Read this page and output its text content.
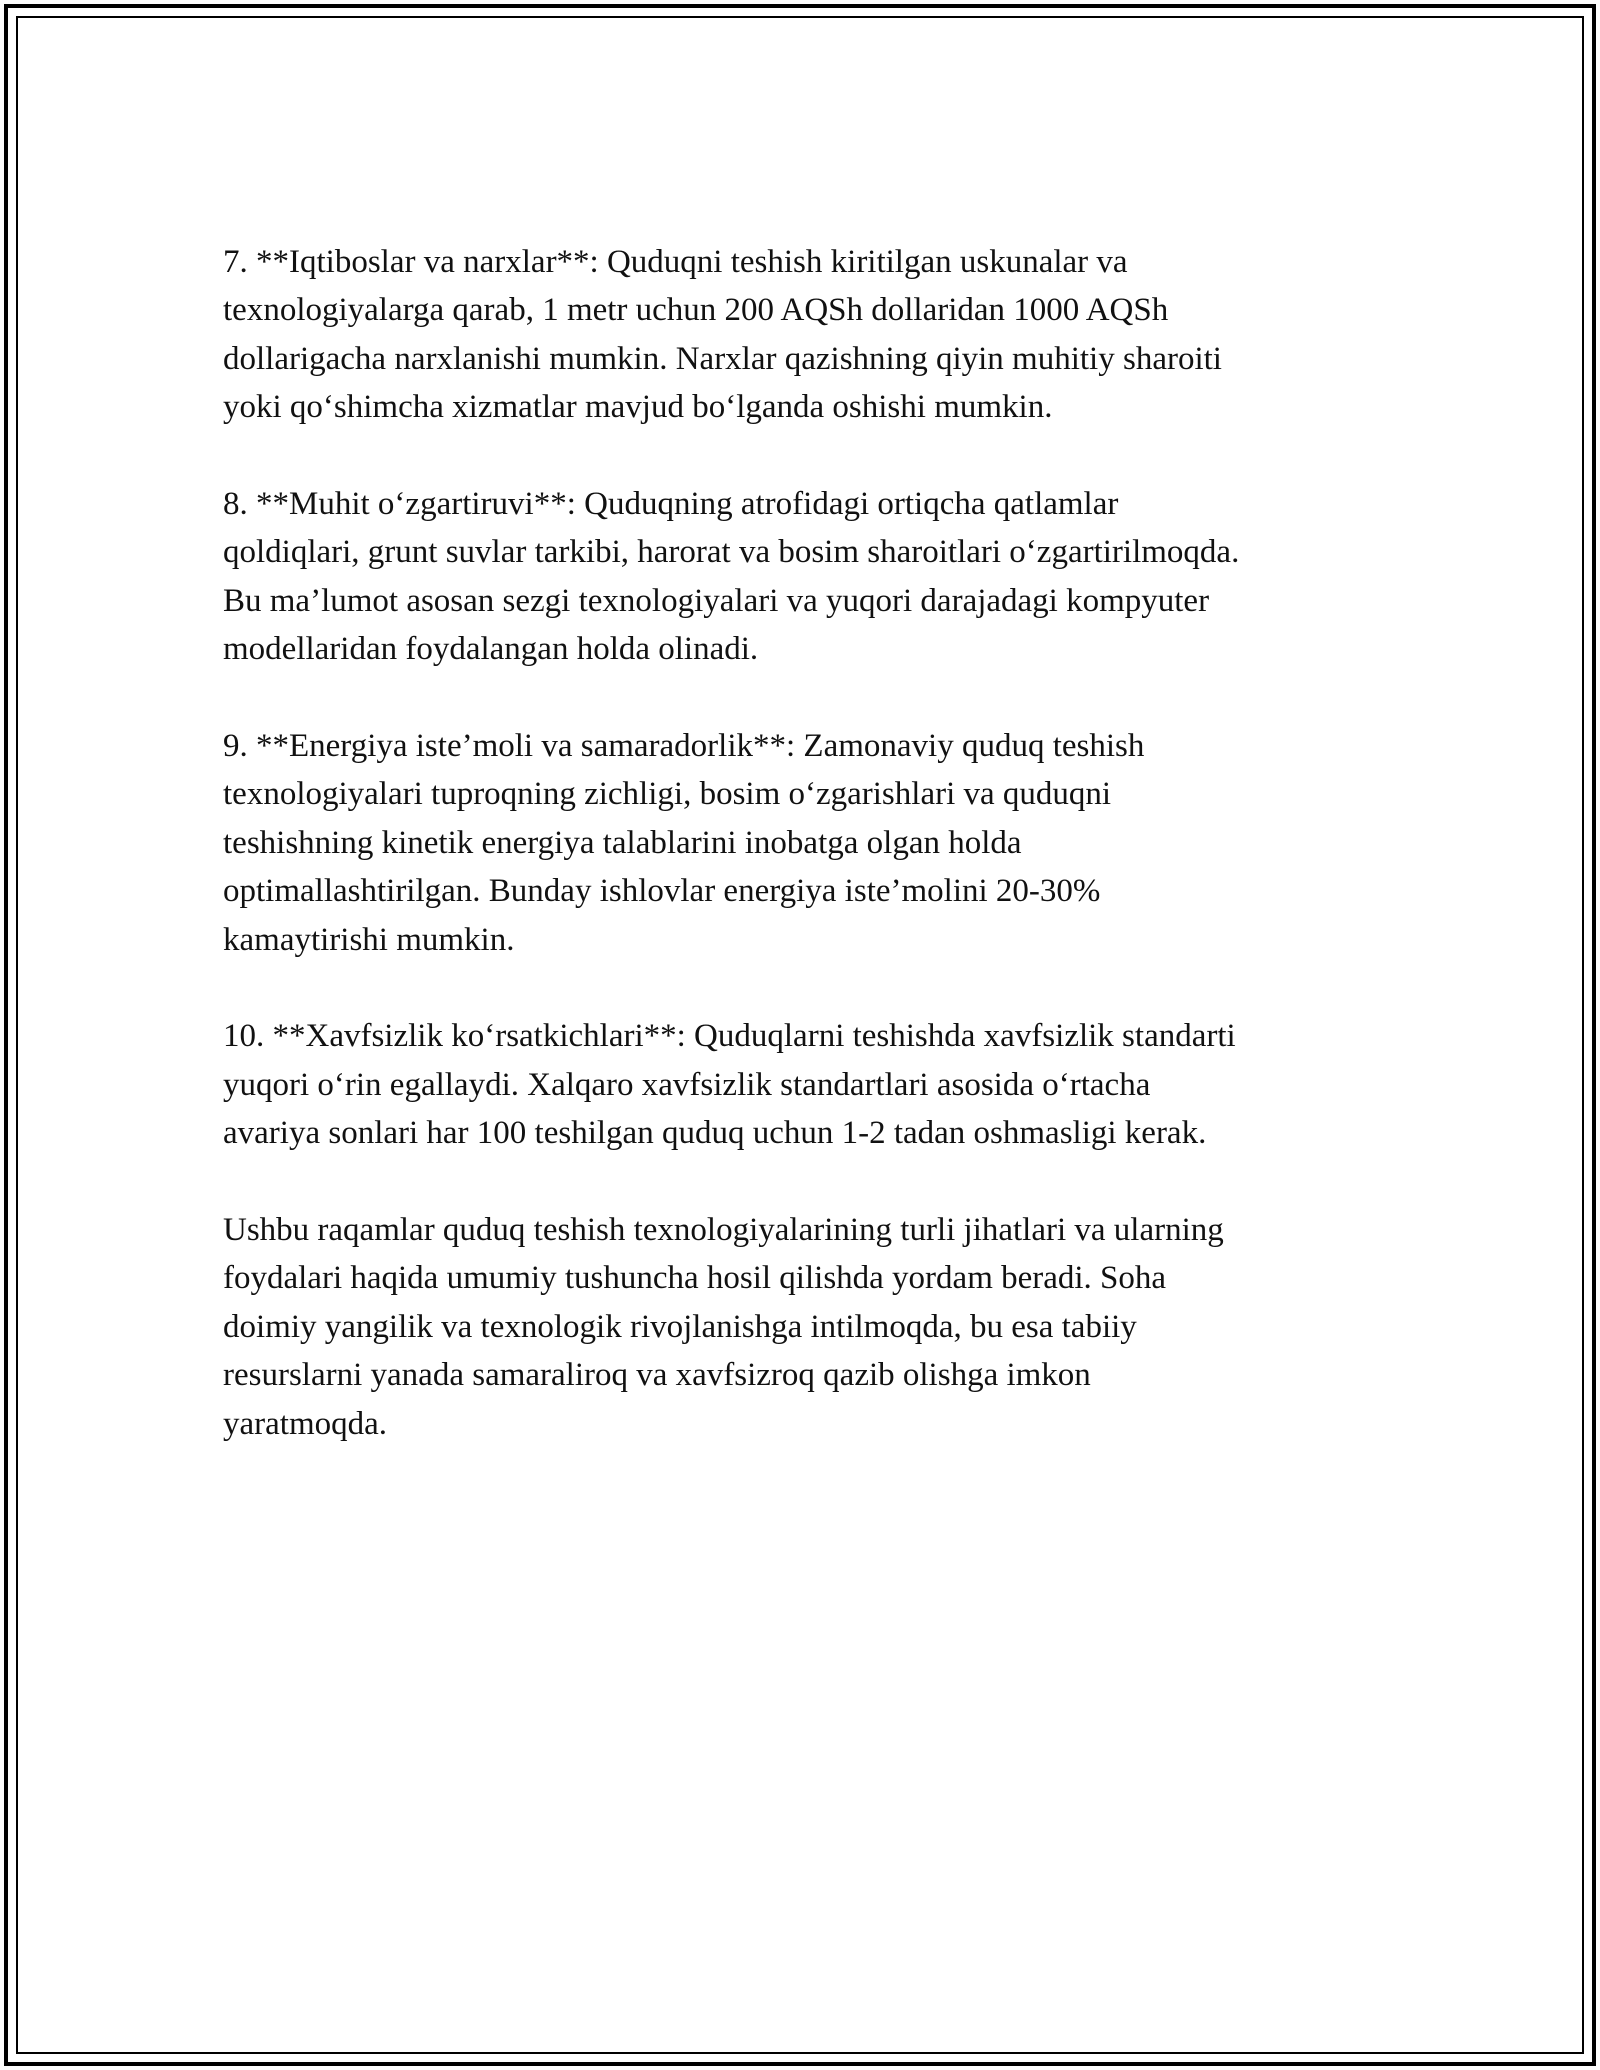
7. **Iqtiboslar va narxlar**: Quduqni teshish kiritilgan uskunalar va
texnologiyalarga qarab, 1 metr uchun 200 AQSh dollaridan 1000 AQSh
dollarigacha narxlanishi mumkin. Narxlar qazishning qiyin muhitiy sharoiti
yoki qo‘shimcha xizmatlar mavjud bo‘lganda oshishi mumkin.

8. **Muhit o‘zgartiruvi**: Quduqning atrofidagi ortiqcha qatlamlar
qoldiqlari, grunt suvlar tarkibi, harorat va bosim sharoitlari o‘zgartirilmoqda.
Bu ma’lumot asosan sezgi texnologiyalari va yuqori darajadagi kompyuter
modellaridan foydalangan holda olinadi.

9. **Energiya iste’moli va samaradorlik**: Zamonaviy quduq teshish
texnologiyalari tuproqning zichligi, bosim o‘zgarishlari va quduqni
teshishning kinetik energiya talablarini inobatga olgan holda
optimallashtirilgan. Bunday ishlovlar energiya iste’molini 20-30%
kamaytirishi mumkin.

10. **Xavfsizlik ko‘rsatkichlari**: Quduqlarni teshishda xavfsizlik standarti
yuqori o‘rin egallaydi. Xalqaro xavfsizlik standartlari asosida o‘rtacha
avariya sonlari har 100 teshilgan quduq uchun 1-2 tadan oshmasligi kerak.

Ushbu raqamlar quduq teshish texnologiyalarining turli jihatlari va ularning
foydalari haqida umumiy tushuncha hosil qilishda yordam beradi. Soha
doimiy yangilik va texnologik rivojlanishga intilmoqda, bu esa tabiiy
resurslarni yanada samaraliroq va xavfsizroq qazib olishga imkon
yaratmoqda.
